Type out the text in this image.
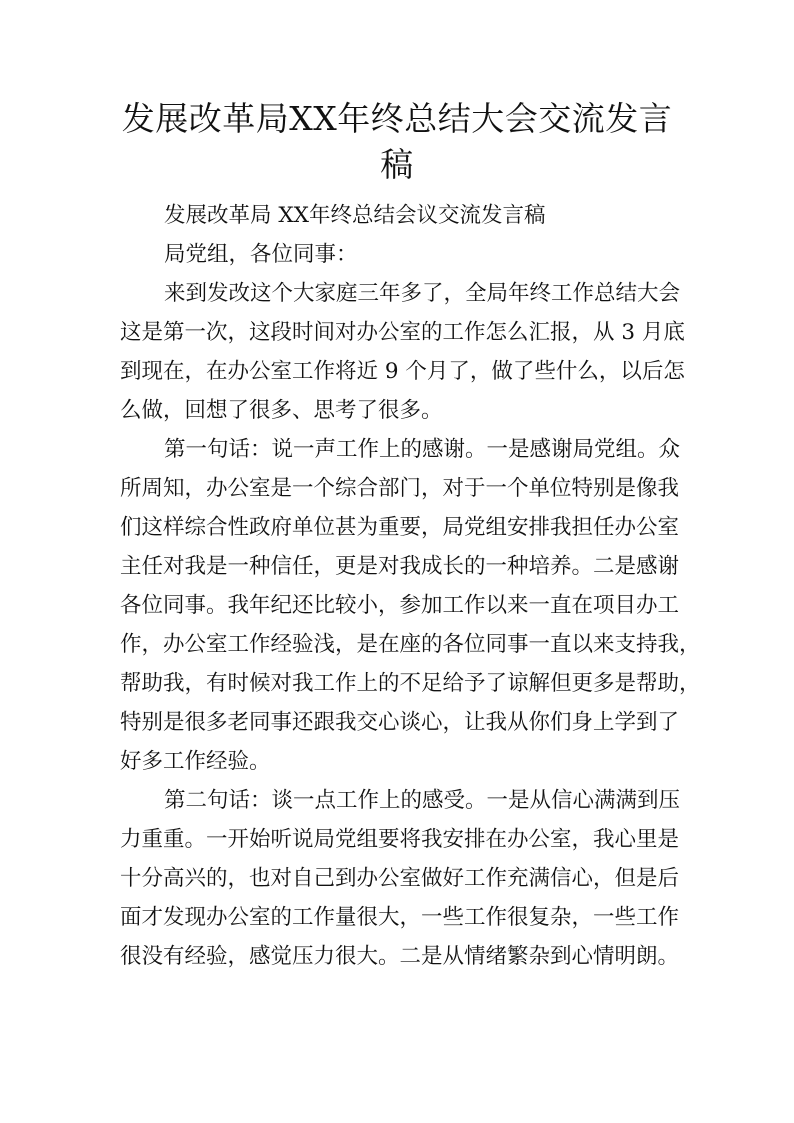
发展改革局XX年终总结大会交流发言
稿
发展改革局 XX年终总结会议交流发言稿
局党组，各位同事：
来到发改这个大家庭三年多了，全局年终工作总结大会
这是第一次，这段时间对办公室的工作怎么汇报，从 3 月底
到现在，在办公室工作将近 9 个月了，做了些什么，以后怎
么做，回想了很多、思考了很多。
第一句话：说一声工作上的感谢。一是感谢局党组。众
所周知，办公室是一个综合部门，对于一个单位特别是像我
们这样综合性政府单位甚为重要，局党组安排我担任办公室
主任对我是一种信任，更是对我成长的一种培养。二是感谢
各位同事。我年纪还比较小，参加工作以来一直在项目办工
作，办公室工作经验浅，是在座的各位同事一直以来支持我，
帮助我，有时候对我工作上的不足给予了谅解但更多是帮助，
特别是很多老同事还跟我交心谈心，让我从你们身上学到了
好多工作经验。
第二句话：谈一点工作上的感受。一是从信心满满到压
力重重。一开始听说局党组要将我安排在办公室，我心里是
十分高兴的，也对自己到办公室做好工作充满信心，但是后
面才发现办公室的工作量很大，一些工作很复杂，一些工作
很没有经验，感觉压力很大。二是从情绪繁杂到心情明朗。
